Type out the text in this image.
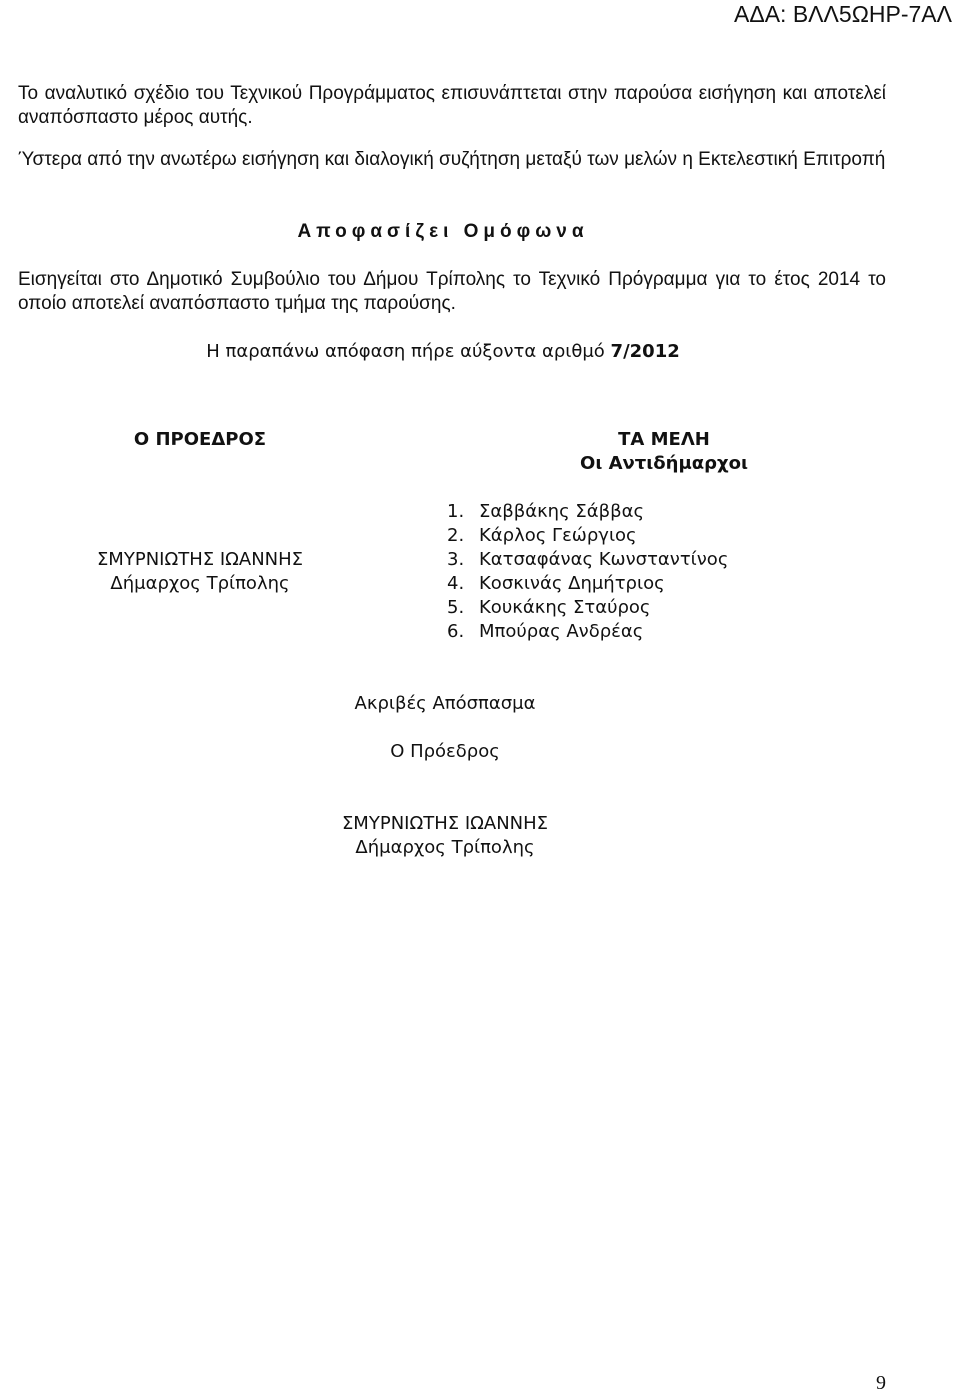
ΑΔΑ: ΒΛΛ5ΩΗΡ-7ΑΛ
Το αναλυτικό σχέδιο του Τεχνικού Προγράμματος επισυνάπτεται στην παρούσα εισήγηση και αποτελεί αναπόσπαστο μέρος αυτής.
Ύστερα από την ανωτέρω εισήγηση και διαλογική συζήτηση μεταξύ των μελών η Εκτελεστική Επιτροπή
Αποφασίζει Ομόφωνα
Εισηγείται στο Δημοτικό Συμβούλιο του Δήμου Τρίπολης το Τεχνικό Πρόγραμμα για το έτος 2014 το οποίο αποτελεί αναπόσπαστο τμήμα της παρούσης.
Η παραπάνω απόφαση πήρε αύξοντα αριθμό 7/2012
Ο ΠΡΟΕΔΡΟΣ
ΣΜΥΡΝΙΩΤΗΣ ΙΩΑΝΝΗΣ
Δήμαρχος Τρίπολης
ΤΑ ΜΕΛΗ
Οι Αντιδήμαρχοι
1. Σαββάκης Σάββας
2. Κάρλος Γεώργιος
3. Κατσαφάνας Κωνσταντίνος
4. Κοσκινάς Δημήτριος
5. Κουκάκης Σταύρος
6. Μπούρας Ανδρέας
Ακριβές Απόσπασμα
Ο Πρόεδρος
ΣΜΥΡΝΙΩΤΗΣ ΙΩΑΝΝΗΣ
Δήμαρχος Τρίπολης
9
